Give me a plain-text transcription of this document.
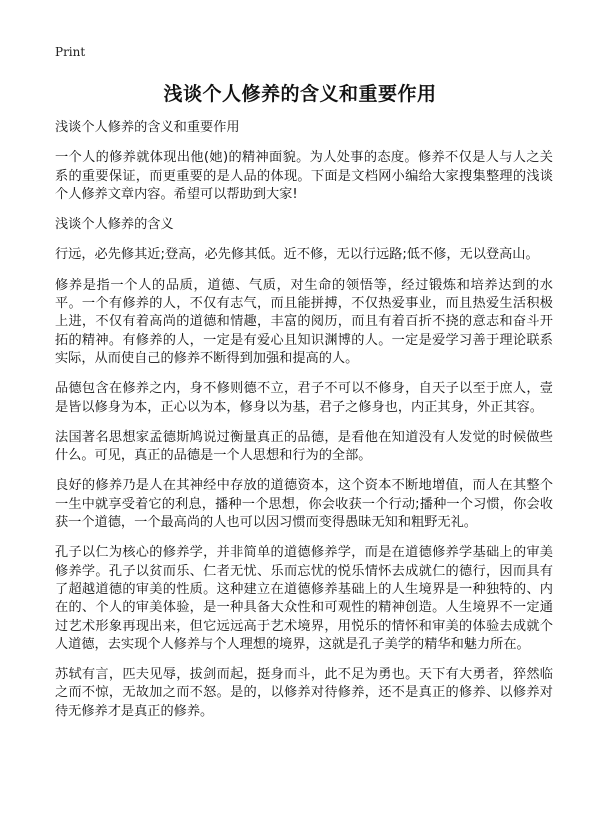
Print
浅谈个人修养的含义和重要作用

浅谈个人修养的含义和重要作用

一个人的修养就体现出他(她)的精神面貌。为人处事的态度。修养不仅是人与人之关系的重要保证，而更重要的是人品的体现。下面是文档网小编给大家搜集整理的浅谈个人修养文章内容。希望可以帮助到大家!

浅谈个人修养的含义

行远，必先修其近;登高，必先修其低。近不修，无以行远路;低不修，无以登高山。

修养是指一个人的品质，道德、气质，对生命的领悟等，经过锻炼和培养达到的水平。一个有修养的人，不仅有志气，而且能拼搏，不仅热爱事业，而且热爱生活积极上进，不仅有着高尚的道德和情趣，丰富的阅历，而且有着百折不挠的意志和奋斗开拓的精神。有修养的人，一定是有爱心且知识渊博的人。一定是爱学习善于理论联系实际，从而使自己的修养不断得到加强和提高的人。

品德包含在修养之内，身不修则德不立，君子不可以不修身，自天子以至于庶人，壹是皆以修身为本，正心以为本，修身以为基，君子之修身也，内正其身，外正其容。

法国著名思想家孟德斯鸠说过衡量真正的品德，是看他在知道没有人发觉的时候做些什么。可见，真正的品德是一个人思想和行为的全部。

良好的修养乃是人在其神经中存放的道德资本，这个资本不断地增值，而人在其整个一生中就享受着它的利息，播种一个思想，你会收获一个行动;播种一个习惯，你会收获一个道德，一个最高尚的人也可以因习惯而变得愚昧无知和粗野无礼。

孔子以仁为核心的修养学，并非简单的道德修养学，而是在道德修养学基础上的审美修养学。孔子以贫而乐、仁者无忧、乐而忘忧的悦乐情怀去成就仁的德行，因而具有了超越道德的审美的性质。这种建立在道德修养基础上的人生境界是一种独特的、内在的、个人的审美体验，是一种具备大众性和可观性的精神创造。人生境界不一定通过艺术形象再现出来，但它远远高于艺术境界，用悦乐的情怀和审美的体验去成就个人道德，去实现个人修养与个人理想的境界，这就是孔子美学的精华和魅力所在。

苏轼有言，匹夫见辱，拔剑而起，挺身而斗，此不足为勇也。天下有大勇者，猝然临之而不惊，无故加之而不怒。是的，以修养对待修养，还不是真正的修养、以修养对待无修养才是真正的修养。
